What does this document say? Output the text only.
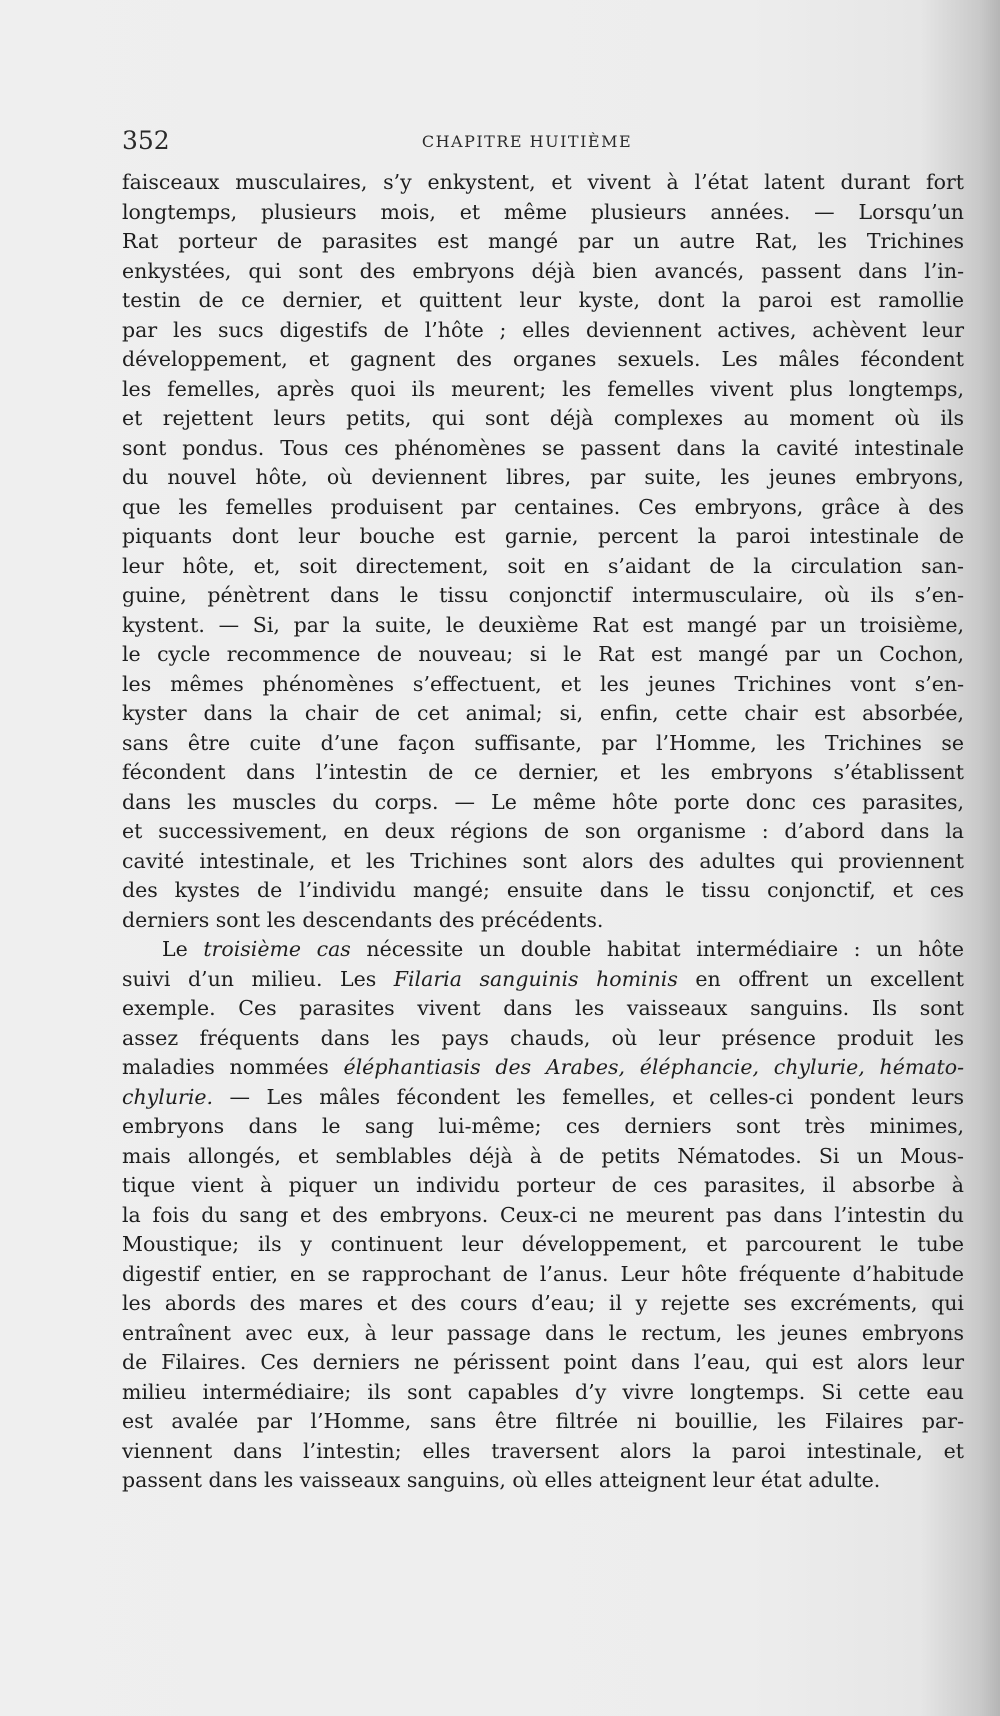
352	CHAPITRE HUITIÈME
faisceaux musculaires, s’y enkystent, et vivent à l’état latent durant fort
longtemps, plusieurs mois, et même plusieurs années. — Lorsqu’un
Rat porteur de parasites est mangé par un autre Rat, les Trichines
enkystées, qui sont des embryons déjà bien avancés, passent dans l’in-
testin de ce dernier, et quittent leur kyste, dont la paroi est ramollie
par les sucs digestifs de l’hôte ; elles deviennent actives, achèvent leur
développement, et gagnent des organes sexuels. Les mâles fécondent
les femelles, après quoi ils meurent; les femelles vivent plus longtemps,
et rejettent leurs petits, qui sont déjà complexes au moment où ils
sont pondus. Tous ces phénomènes se passent dans la cavité intestinale
du nouvel hôte, où deviennent libres, par suite, les jeunes embryons,
que les femelles produisent par centaines. Ces embryons, grâce à des
piquants dont leur bouche est garnie, percent la paroi intestinale de
leur hôte, et, soit directement, soit en s’aidant de la circulation san-
guine, pénètrent dans le tissu conjonctif intermusculaire, où ils s’en-
kystent. — Si, par la suite, le deuxième Rat est mangé par un troisième,
le cycle recommence de nouveau; si le Rat est mangé par un Cochon,
les mêmes phénomènes s’effectuent, et les jeunes Trichines vont s’en-
kyster dans la chair de cet animal; si, enfin, cette chair est absorbée,
sans être cuite d’une façon suffisante, par l’Homme, les Trichines se
fécondent dans l’intestin de ce dernier, et les embryons s’établissent
dans les muscles du corps. — Le même hôte porte donc ces parasites,
et successivement, en deux régions de son organisme : d’abord dans la
cavité intestinale, et les Trichines sont alors des adultes qui proviennent
des kystes de l’individu mangé; ensuite dans le tissu conjonctif, et ces
derniers sont les descendants des précédents.
Le troisième cas nécessite un double habitat intermédiaire : un hôte
suivi d’un milieu. Les Filaria sanguinis hominis en offrent un excellent
exemple. Ces parasites vivent dans les vaisseaux sanguins. Ils sont
assez fréquents dans les pays chauds, où leur présence produit les
maladies nommées éléphantiasis des Arabes, éléphancie, chylurie, hémato-
chylurie. — Les mâles fécondent les femelles, et celles-ci pondent leurs
embryons dans le sang lui-même; ces derniers sont très minimes,
mais allongés, et semblables déjà à de petits Nématodes. Si un Mous-
tique vient à piquer un individu porteur de ces parasites, il absorbe à
la fois du sang et des embryons. Ceux-ci ne meurent pas dans l’intestin du
Moustique; ils y continuent leur développement, et parcourent le tube
digestif entier, en se rapprochant de l’anus. Leur hôte fréquente d’habitude
les abords des mares et des cours d’eau; il y rejette ses excréments, qui
entraînent avec eux, à leur passage dans le rectum, les jeunes embryons
de Filaires. Ces derniers ne périssent point dans l’eau, qui est alors leur
milieu intermédiaire; ils sont capables d’y vivre longtemps. Si cette eau
est avalée par l’Homme, sans être filtrée ni bouillie, les Filaires par-
viennent dans l’intestin; elles traversent alors la paroi intestinale, et
passent dans les vaisseaux sanguins, où elles atteignent leur état adulte.
